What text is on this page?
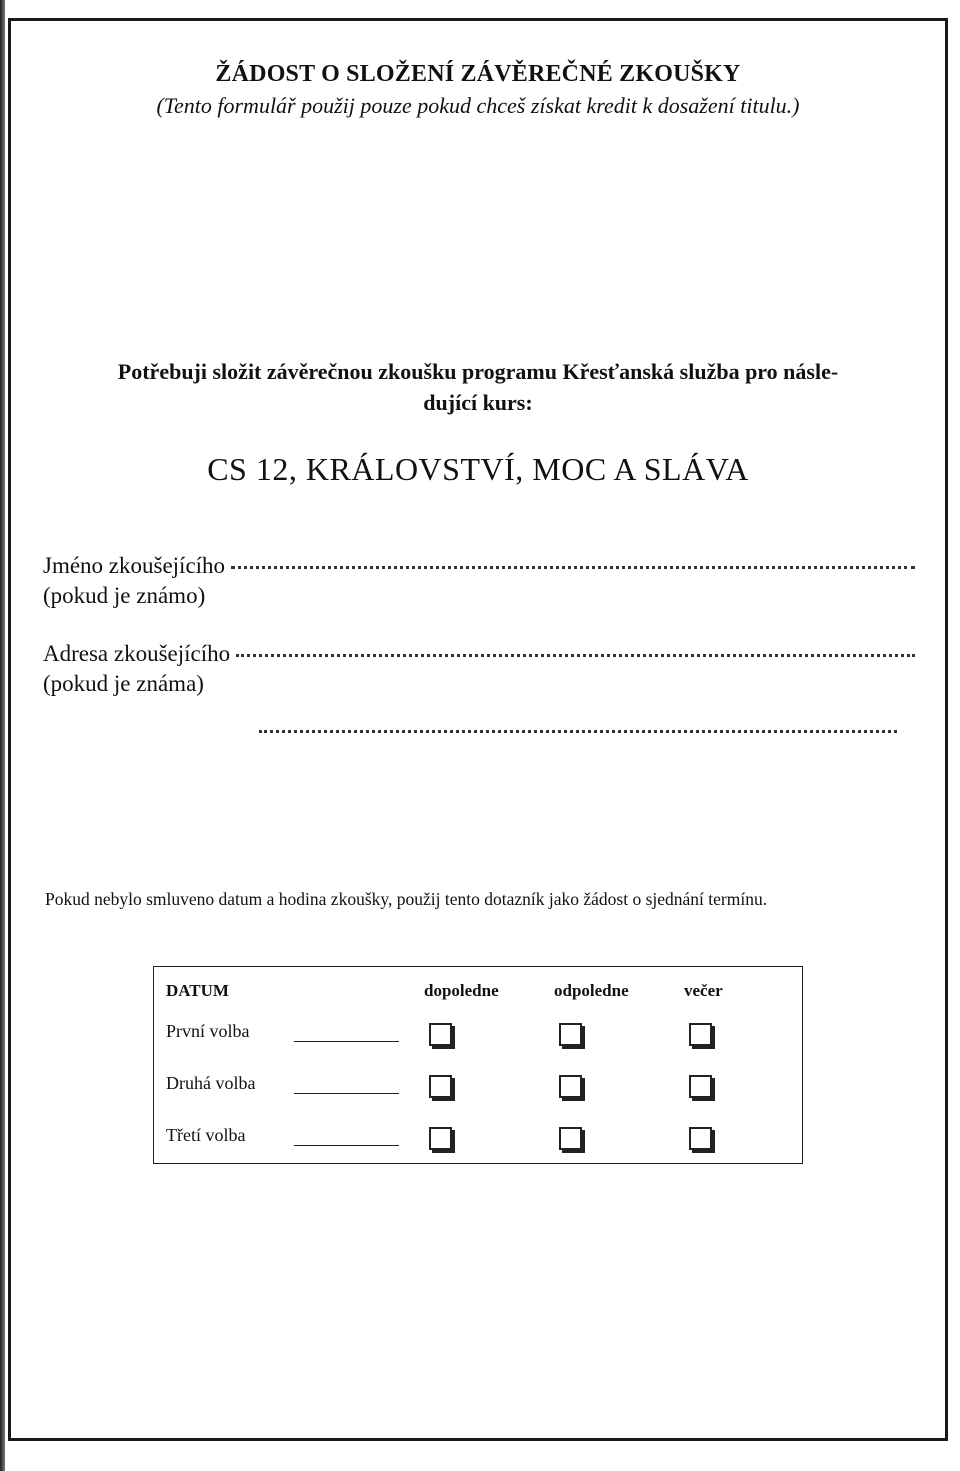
ŽÁDOST O SLOŽENÍ ZÁVĚREČNÉ ZKOUŠKY
(Tento formulář použij pouze pokud chceš získat kredit k dosažení titulu.)
Potřebuji složit závěrečnou zkoušku programu Křesťanská služba pro násle-
dující kurs:
CS 12, KRÁLOVSTVÍ, MOC A SLÁVA
Jméno zkoušejícího
(pokud je známo)
Adresa zkoušejícího
(pokud je známa)
Pokud nebylo smluveno datum a hodina zkoušky, použij tento dotazník jako žádost o sjednání termínu.
DATUM	dopoledne	odpoledne	večer
První volba
Druhá volba
Třetí volba
